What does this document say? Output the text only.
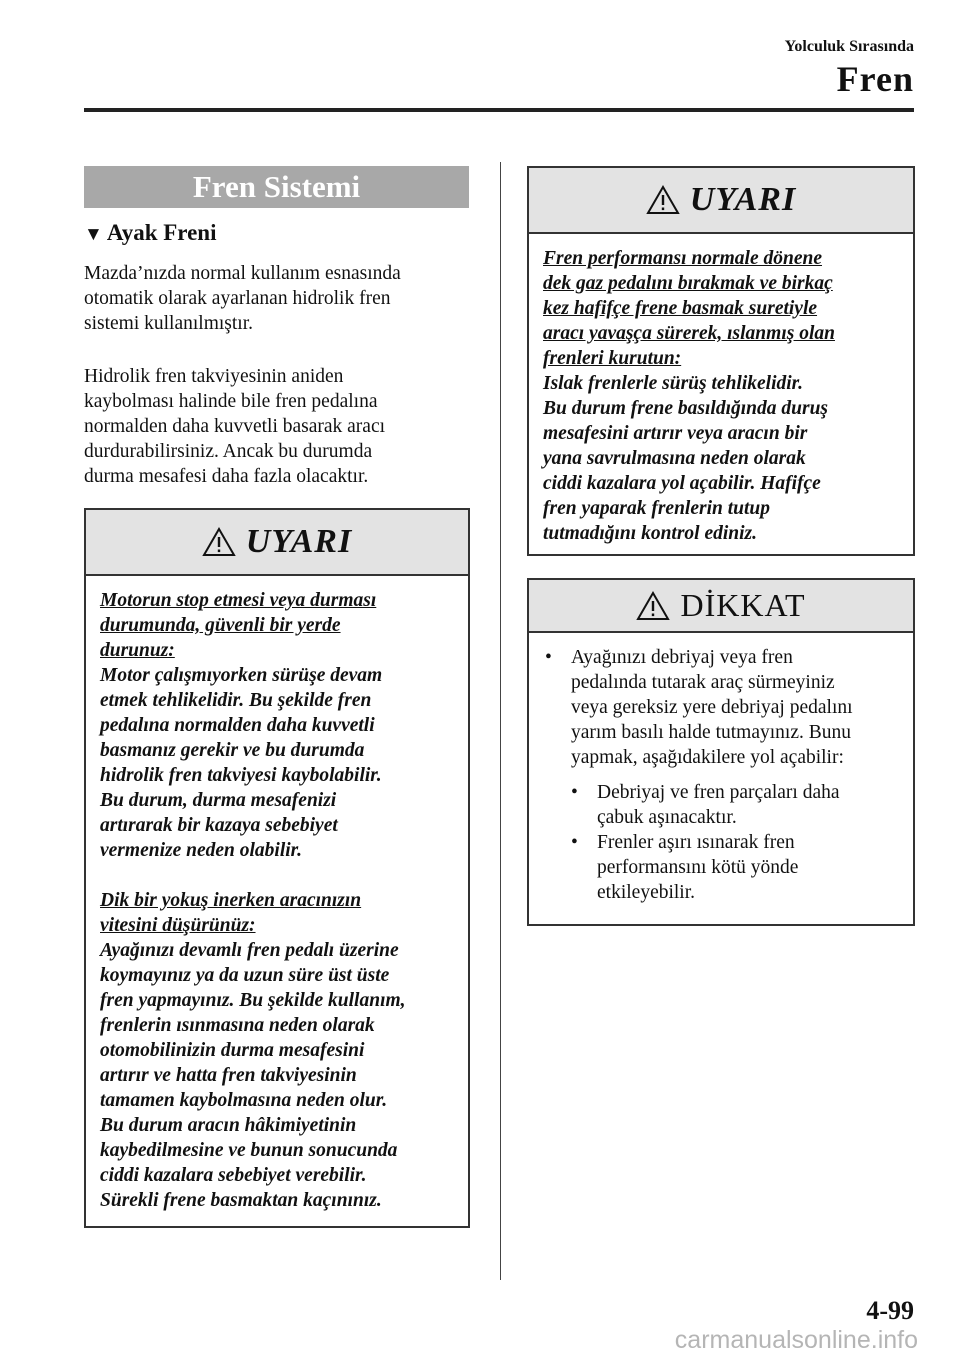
Yolculuk Sırasında
Fren
Fren Sistemi
▼ Ayak Freni

Mazda’nızda normal kullanım esnasında
otomatik olarak ayarlanan hidrolik fren
sistemi kullanılmıştır.

Hidrolik fren takviyesinin aniden
kaybolması halinde bile fren pedalına
normalden daha kuvvetli basarak aracı
durdurabilirsiniz. Ancak bu durumda
durma mesafesi daha fazla olacaktır.

UYARI
Motorun stop etmesi veya durması
durumunda, güvenli bir yerde
durunuz:
Motor çalışmıyorken sürüşe devam
etmek tehlikelidir. Bu şekilde fren
pedalına normalden daha kuvvetli
basmanız gerekir ve bu durumda
hidrolik fren takviyesi kaybolabilir.
Bu durum, durma mesafenizi
artırarak bir kazaya sebebiyet
vermenize neden olabilir.
Dik bir yokuş inerken aracınızın
vitesini düşürünüz:
Ayağınızı devamlı fren pedalı üzerine
koymayınız ya da uzun süre üst üste
fren yapmayınız. Bu şekilde kullanım,
frenlerin ısınmasına neden olarak
otomobilinizin durma mesafesini
artırır ve hatta fren takviyesinin
tamamen kaybolmasına neden olur.
Bu durum aracın hâkimiyetinin
kaybedilmesine ve bunun sonucunda
ciddi kazalara sebebiyet verebilir.
Sürekli frene basmaktan kaçınınız.
UYARI
Fren performansı normale dönene
dek gaz pedalını bırakmak ve birkaç
kez hafifçe frene basmak suretiyle
aracı yavaşça sürerek, ıslanmış olan
frenleri kurutun:
Islak frenlerle sürüş tehlikelidir.
Bu durum frene basıldığında duruş
mesafesini artırır veya aracın bir
yana savrulmasına neden olarak
ciddi kazalara yol açabilir. Hafifçe
fren yaparak frenlerin tutup
tutmadığını kontrol ediniz.
DİKKAT
• Ayağınızı debriyaj veya fren
pedalında tutarak araç sürmeyiniz
veya gereksiz yere debriyaj pedalını
yarım basılı halde tutmayınız. Bunu
yapmak, aşağıdakilere yol açabilir:
• Debriyaj ve fren parçaları daha
çabuk aşınacaktır.
• Frenler aşırı ısınarak fren
performansını kötü yönde
etkileyebilir.
4-99
carmanualsonline.info
